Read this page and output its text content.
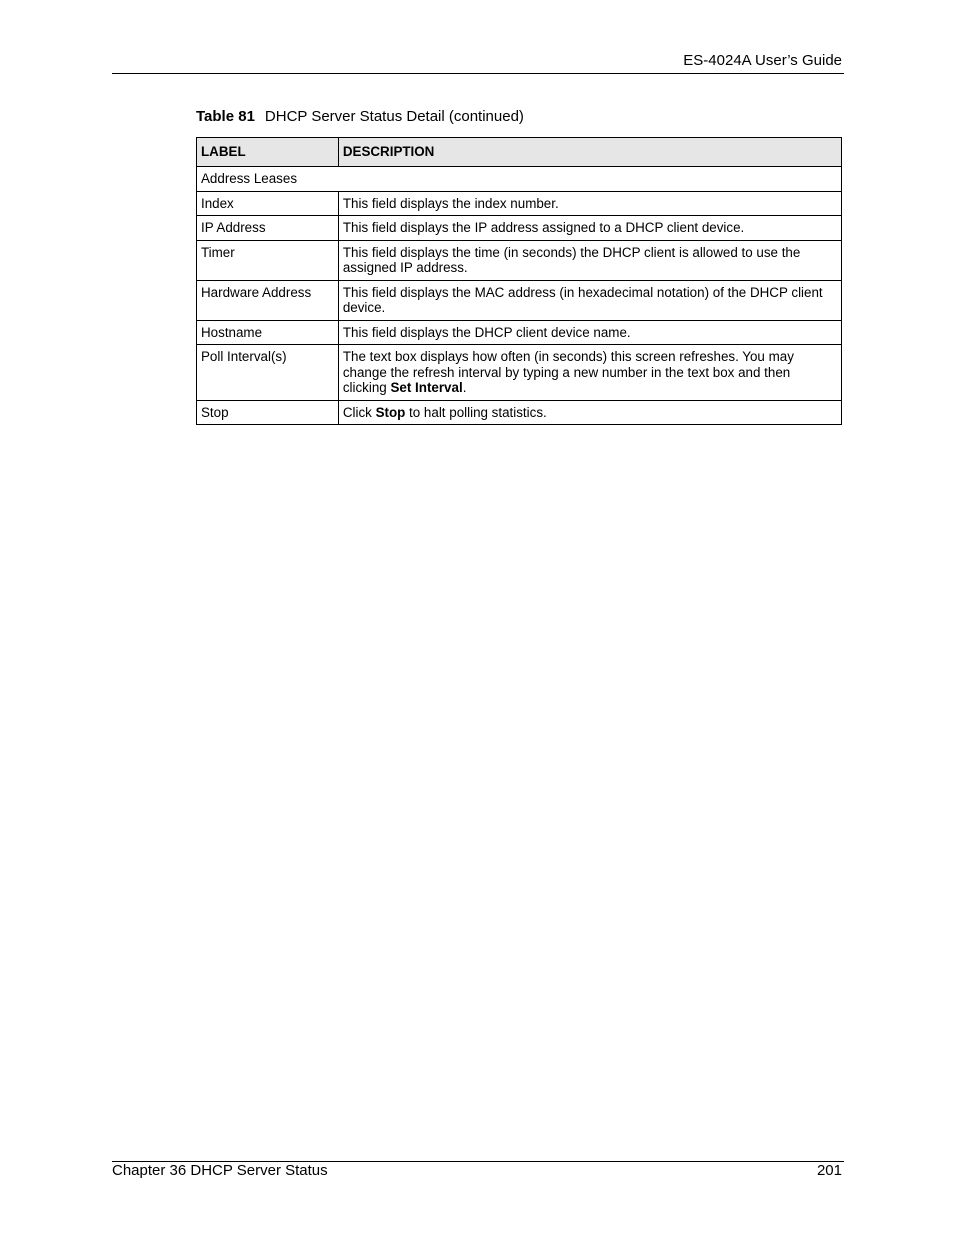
ES-4024A User’s Guide
Table 81 DHCP Server Status Detail (continued)
LABEL	DESCRIPTION
Address Leases	
Index	This field displays the index number.
IP Address	This field displays the IP address assigned to a DHCP client device.
Timer	This field displays the time (in seconds) the DHCP client is allowed to use the assigned IP address.
Hardware Address	This field displays the MAC address (in hexadecimal notation) of the DHCP client device.
Hostname	This field displays the DHCP client device name.
Poll Interval(s)	The text box displays how often (in seconds) this screen refreshes. You may change the refresh interval by typing a new number in the text box and then clicking Set Interval.
Stop	Click Stop to halt polling statistics.
Chapter 36 DHCP Server Status	201
